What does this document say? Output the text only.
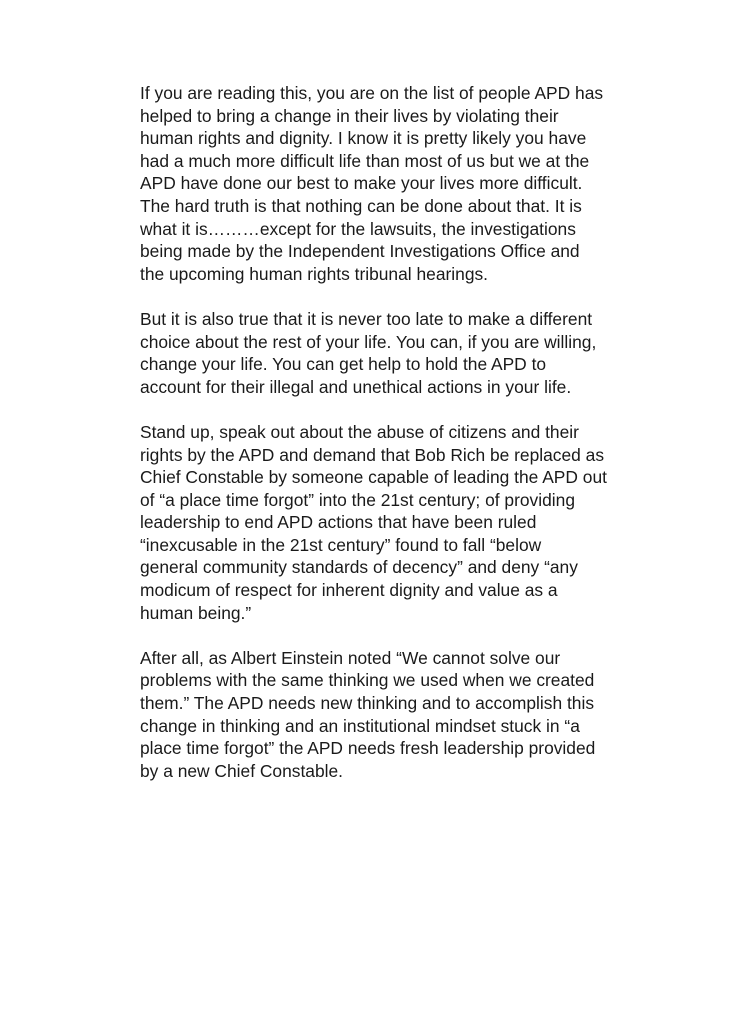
If you are reading this, you are on the list of people APD has
helped to bring a change in their lives by violating their
human rights and dignity. I know it is pretty likely you have
had a much more difficult life than most of us but we at the
APD have done our best to make your lives more difficult.
The hard truth is that nothing can be done about that. It is
what it is………except for the lawsuits, the investigations
being made by the Independent Investigations Office and
the upcoming human rights tribunal hearings.
But it is also true that it is never too late to make a different
choice about the rest of your life. You can, if you are willing,
change your life. You can get help to hold the APD to
account for their illegal and unethical actions in your life.
Stand up, speak out about the abuse of citizens and their
rights by the APD and demand that Bob Rich be replaced as
Chief Constable by someone capable of leading the APD out
of “a place time forgot” into the 21st century; of providing
leadership to end APD actions that have been ruled
“inexcusable in the 21st century” found to fall “below
general community standards of decency” and deny “any
modicum of respect for inherent dignity and value as a
human being.”
After all, as Albert Einstein noted “We cannot solve our
problems with the same thinking we used when we created
them.” The APD needs new thinking and to accomplish this
change in thinking and an institutional mindset stuck in “a
place time forgot” the APD needs fresh leadership provided
by a new Chief Constable.
